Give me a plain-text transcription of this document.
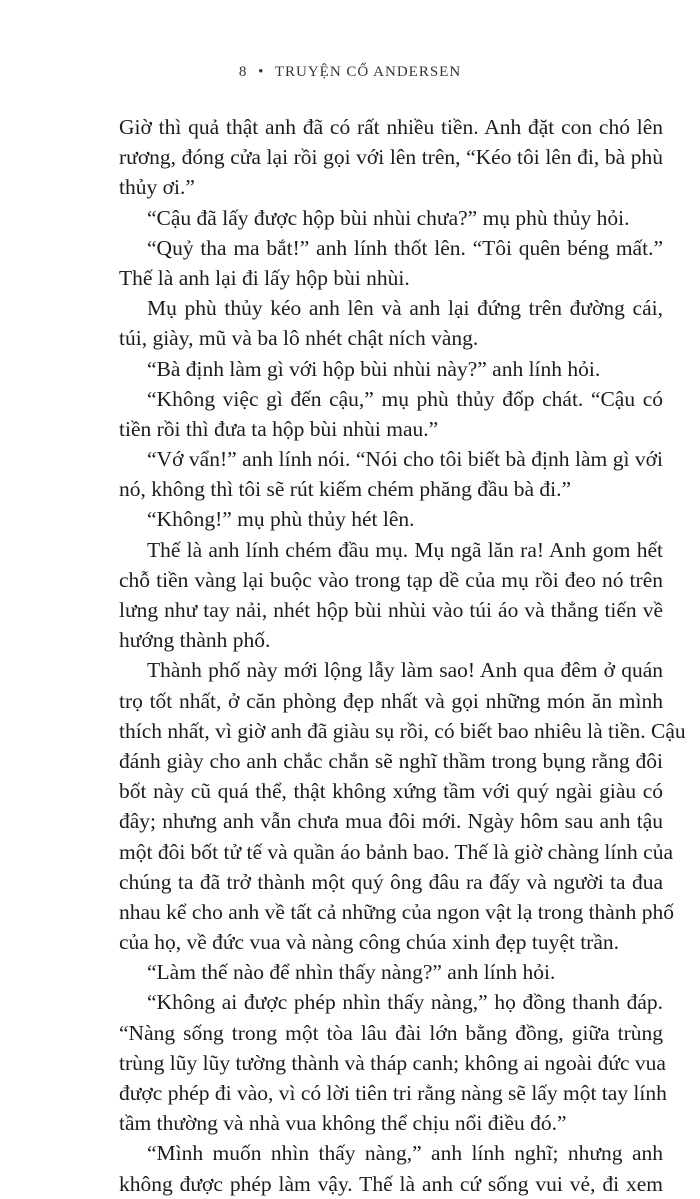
8 • TRUYỆN CỔ ANDERSEN
Giờ thì quả thật anh đã có rất nhiều tiền. Anh đặt con chó lên
rương, đóng cửa lại rồi gọi với lên trên, “Kéo tôi lên đi, bà phù
thủy ơi.”
“Cậu đã lấy được hộp bùi nhùi chưa?” mụ phù thủy hỏi.
“Quỷ tha ma bắt!” anh lính thốt lên. “Tôi quên béng mất.”
Thế là anh lại đi lấy hộp bùi nhùi.
Mụ phù thủy kéo anh lên và anh lại đứng trên đường cái,
túi, giày, mũ và ba lô nhét chật ních vàng.
“Bà định làm gì với hộp bùi nhùi này?” anh lính hỏi.
“Không việc gì đến cậu,” mụ phù thủy đốp chát. “Cậu có
tiền rồi thì đưa ta hộp bùi nhùi mau.”
“Vớ vẩn!” anh lính nói. “Nói cho tôi biết bà định làm gì với
nó, không thì tôi sẽ rút kiếm chém phăng đầu bà đi.”
“Không!” mụ phù thủy hét lên.
Thế là anh lính chém đầu mụ. Mụ ngã lăn ra! Anh gom hết
chỗ tiền vàng lại buộc vào trong tạp dề của mụ rồi đeo nó trên
lưng như tay nải, nhét hộp bùi nhùi vào túi áo và thẳng tiến về
hướng thành phố.
Thành phố này mới lộng lẫy làm sao! Anh qua đêm ở quán
trọ tốt nhất, ở căn phòng đẹp nhất và gọi những món ăn mình
thích nhất, vì giờ anh đã giàu sụ rồi, có biết bao nhiêu là tiền. Cậu
đánh giày cho anh chắc chắn sẽ nghĩ thầm trong bụng rằng đôi
bốt này cũ quá thể, thật không xứng tầm với quý ngài giàu có
đây; nhưng anh vẫn chưa mua đôi mới. Ngày hôm sau anh tậu
một đôi bốt tử tế và quần áo bảnh bao. Thế là giờ chàng lính của
chúng ta đã trở thành một quý ông đâu ra đấy và người ta đua
nhau kể cho anh về tất cả những của ngon vật lạ trong thành phố
của họ, về đức vua và nàng công chúa xinh đẹp tuyệt trần.
“Làm thế nào để nhìn thấy nàng?” anh lính hỏi.
“Không ai được phép nhìn thấy nàng,” họ đồng thanh đáp.
“Nàng sống trong một tòa lâu đài lớn bằng đồng, giữa trùng
trùng lũy lũy tường thành và tháp canh; không ai ngoài đức vua
được phép đi vào, vì có lời tiên tri rằng nàng sẽ lấy một tay lính
tầm thường và nhà vua không thể chịu nổi điều đó.”
“Mình muốn nhìn thấy nàng,” anh lính nghĩ; nhưng anh
không được phép làm vậy. Thế là anh cứ sống vui vẻ, đi xem
